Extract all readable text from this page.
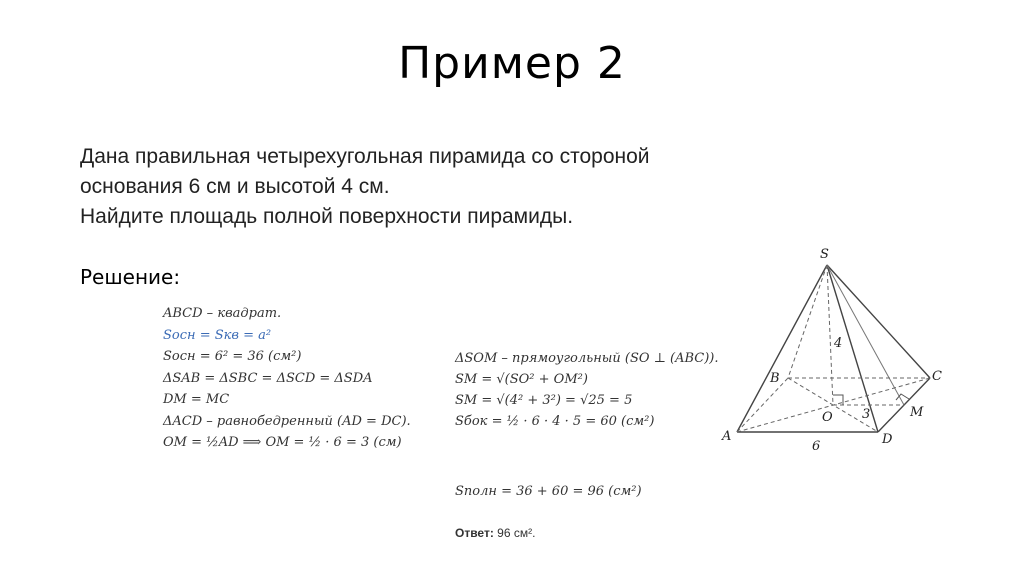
Пример 2
Дана правильная четырехугольная пирамида со стороной
основания 6 см и высотой 4 см.
Найдите площадь полной поверхности пирамиды.
Решение:
ABCD – квадрат.
Sосн = Sкв = a²
Sосн = 6² = 36 (см²)
ΔSAB = ΔSBC = ΔSCD = ΔSDA
DM = MC
ΔACD – равнобедренный (AD = DC).
OM = ½AD ⟹ OM = ½ · 6 = 3 (см)
ΔSOM – прямоугольный (SO ⊥ (ABC)).
SM = √(SO² + OM²)
SM = √(4² + 3²) = √25 = 5
Sбок = ½ · 6 · 4 · 5 = 60 (см²)
Sполн = 36 + 60 = 96 (см²)
Ответ: 96 см².
S
A
B	C
D
O	M
4
3
6
